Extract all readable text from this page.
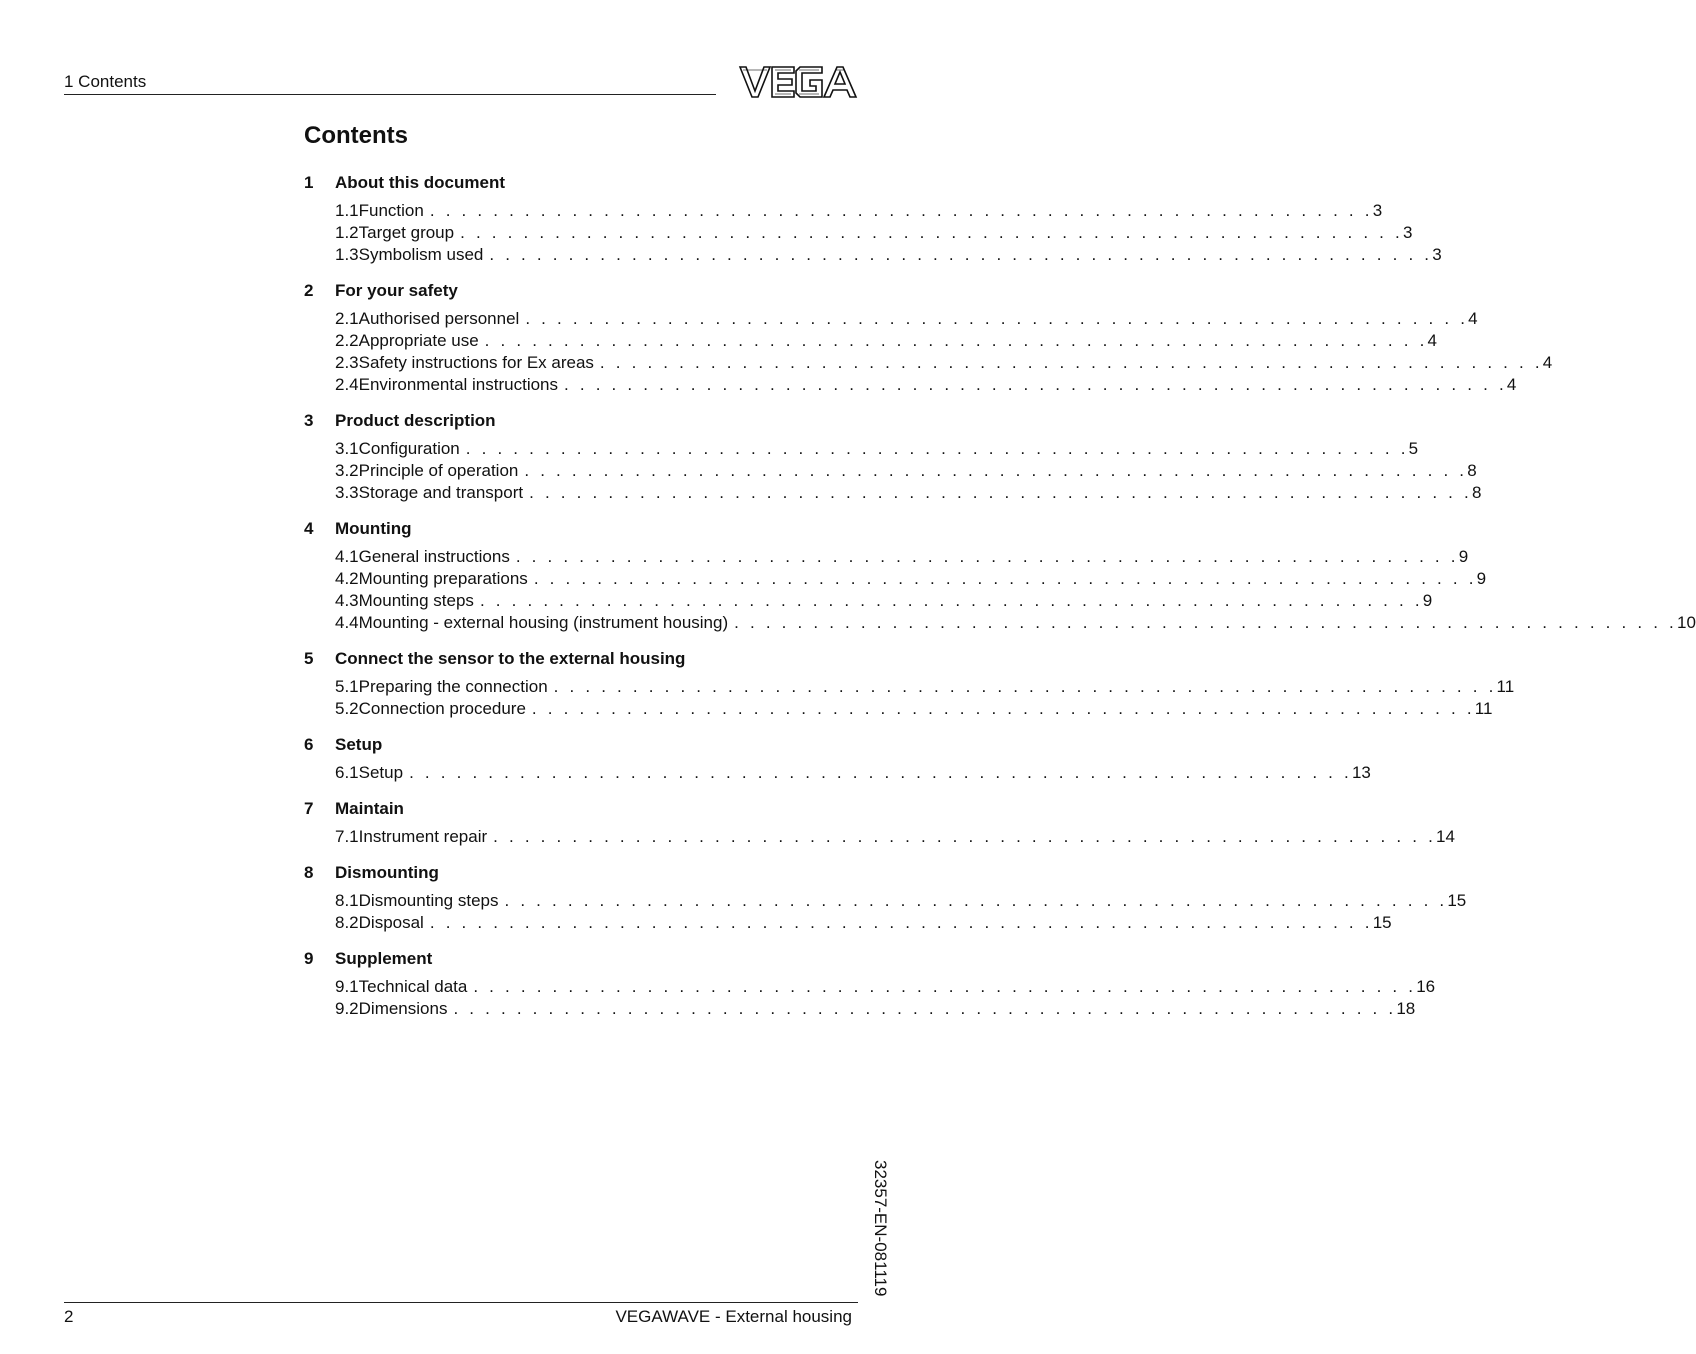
1 Contents
Contents
1	About this document
1.1 Function . . . . . . . . . . . . . . . . . . . . . . . . . . . . . . . . . . . . . . . . . . . . . . . . . . . . . . . . . . . . 3
1.2 Target group . . . . . . . . . . . . . . . . . . . . . . . . . . . . . . . . . . . . . . . . . . . . . . . . . . . . . . . . . . . . 3
1.3 Symbolism used . . . . . . . . . . . . . . . . . . . . . . . . . . . . . . . . . . . . . . . . . . . . . . . . . . . . . . . . . . . . 3
2	For your safety
2.1 Authorised personnel . . . . . . . . . . . . . . . . . . . . . . . . . . . . . . . . . . . . . . . . . . . . . . . . . . . . . . . . . . . . 4
2.2 Appropriate use . . . . . . . . . . . . . . . . . . . . . . . . . . . . . . . . . . . . . . . . . . . . . . . . . . . . . . . . . . . . 4
2.3 Safety instructions for Ex areas . . . . . . . . . . . . . . . . . . . . . . . . . . . . . . . . . . . . . . . . . . . . . . . . . . . . . . . . . . . . 4
2.4 Environmental instructions . . . . . . . . . . . . . . . . . . . . . . . . . . . . . . . . . . . . . . . . . . . . . . . . . . . . . . . . . . . . 4
3	Product description
3.1 Configuration . . . . . . . . . . . . . . . . . . . . . . . . . . . . . . . . . . . . . . . . . . . . . . . . . . . . . . . . . . . . 5
3.2 Principle of operation . . . . . . . . . . . . . . . . . . . . . . . . . . . . . . . . . . . . . . . . . . . . . . . . . . . . . . . . . . . . 8
3.3 Storage and transport . . . . . . . . . . . . . . . . . . . . . . . . . . . . . . . . . . . . . . . . . . . . . . . . . . . . . . . . . . . . 8
4	Mounting
4.1 General instructions . . . . . . . . . . . . . . . . . . . . . . . . . . . . . . . . . . . . . . . . . . . . . . . . . . . . . . . . . . . . 9
4.2 Mounting preparations . . . . . . . . . . . . . . . . . . . . . . . . . . . . . . . . . . . . . . . . . . . . . . . . . . . . . . . . . . . . 9
4.3 Mounting steps . . . . . . . . . . . . . . . . . . . . . . . . . . . . . . . . . . . . . . . . . . . . . . . . . . . . . . . . . . . . 9
4.4 Mounting - external housing (instrument housing) . . . . . . . . . . . . . . . . . . . . . . . . . . . . . . . . . . . . . . . . . . . . . . . . . . . . . . . . . . . . 10
5	Connect the sensor to the external housing
5.1 Preparing the connection . . . . . . . . . . . . . . . . . . . . . . . . . . . . . . . . . . . . . . . . . . . . . . . . . . . . . . . . . . . . 11
5.2 Connection procedure . . . . . . . . . . . . . . . . . . . . . . . . . . . . . . . . . . . . . . . . . . . . . . . . . . . . . . . . . . . . 11
6	Setup
6.1 Setup . . . . . . . . . . . . . . . . . . . . . . . . . . . . . . . . . . . . . . . . . . . . . . . . . . . . . . . . . . . . 13
7	Maintain
7.1 Instrument repair . . . . . . . . . . . . . . . . . . . . . . . . . . . . . . . . . . . . . . . . . . . . . . . . . . . . . . . . . . . . 14
8	Dismounting
8.1 Dismounting steps . . . . . . . . . . . . . . . . . . . . . . . . . . . . . . . . . . . . . . . . . . . . . . . . . . . . . . . . . . . . 15
8.2 Disposal . . . . . . . . . . . . . . . . . . . . . . . . . . . . . . . . . . . . . . . . . . . . . . . . . . . . . . . . . . . . 15
9	Supplement
9.1 Technical data . . . . . . . . . . . . . . . . . . . . . . . . . . . . . . . . . . . . . . . . . . . . . . . . . . . . . . . . . . . . 16
9.2 Dimensions . . . . . . . . . . . . . . . . . . . . . . . . . . . . . . . . . . . . . . . . . . . . . . . . . . . . . . . . . . . . 18
32357-EN-081119
2	VEGAWAVE - External housing
